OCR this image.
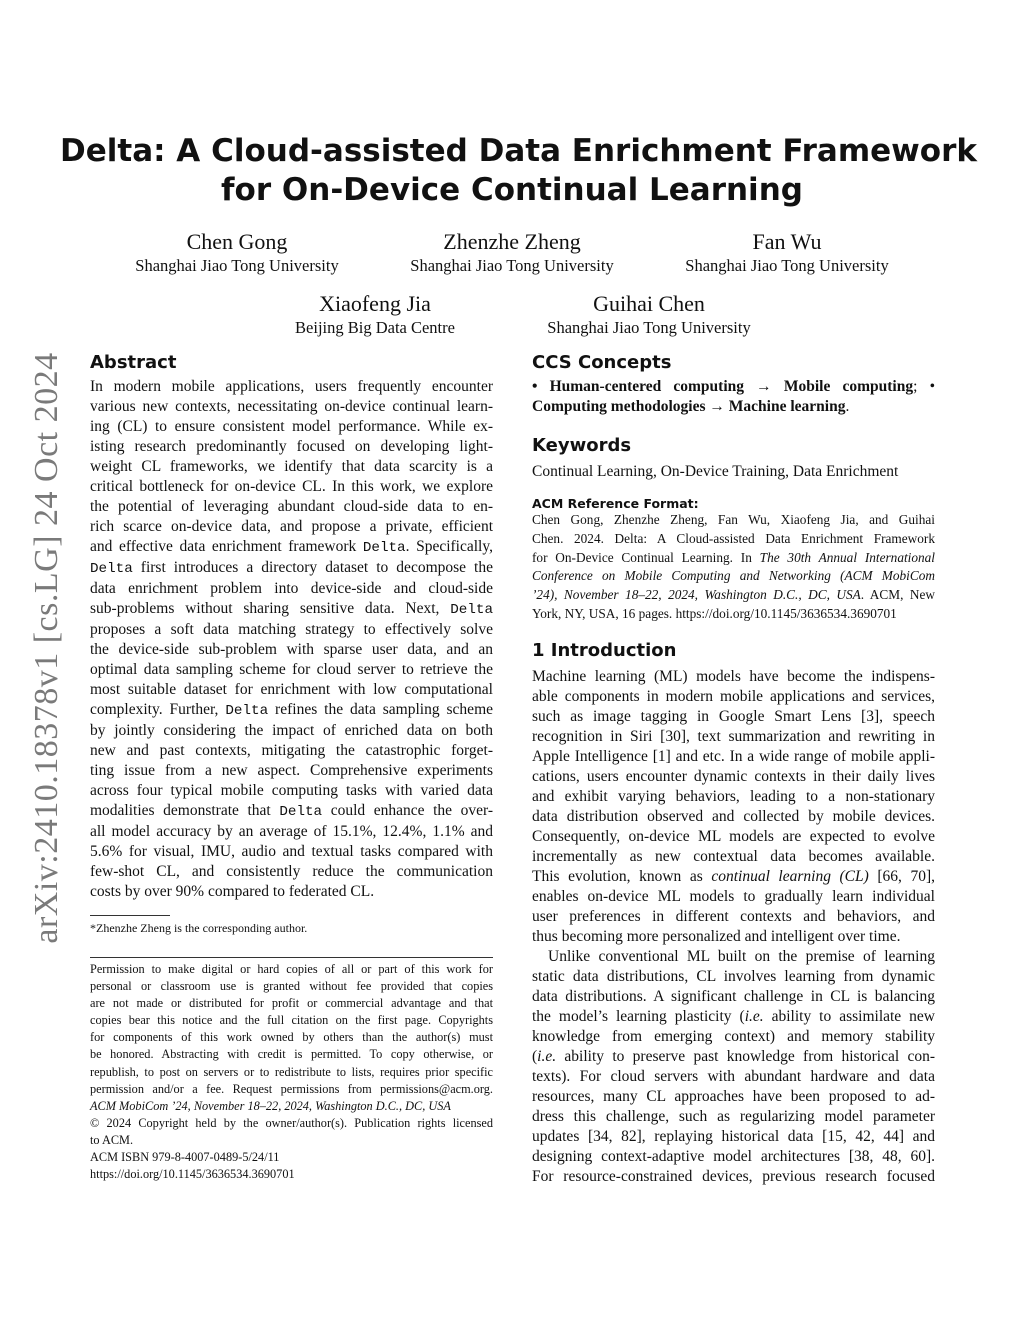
arXiv:2410.18378v1 [cs.LG] 24 Oct 2024
Delta: A Cloud-assisted Data Enrichment Framework
for On-Device Continual Learning
Chen Gong
Shanghai Jiao Tong University
Zhenzhe Zheng
Shanghai Jiao Tong University
Fan Wu
Shanghai Jiao Tong University
Xiaofeng Jia
Beijing Big Data Centre
Guihai Chen
Shanghai Jiao Tong University
Abstract
In modern mobile applications, users frequently encounter
various new contexts, necessitating on-device continual learn-
ing (CL) to ensure consistent model performance. While ex-
isting research predominantly focused on developing light-
weight CL frameworks, we identify that data scarcity is a
critical bottleneck for on-device CL. In this work, we explore
the potential of leveraging abundant cloud-side data to en-
rich scarce on-device data, and propose a private, efficient
and effective data enrichment framework Delta. Specifically,
Delta first introduces a directory dataset to decompose the
data enrichment problem into device-side and cloud-side
sub-problems without sharing sensitive data. Next, Delta
proposes a soft data matching strategy to effectively solve
the device-side sub-problem with sparse user data, and an
optimal data sampling scheme for cloud server to retrieve the
most suitable dataset for enrichment with low computational
complexity. Further, Delta refines the data sampling scheme
by jointly considering the impact of enriched data on both
new and past contexts, mitigating the catastrophic forget-
ting issue from a new aspect. Comprehensive experiments
across four typical mobile computing tasks with varied data
modalities demonstrate that Delta could enhance the over-
all model accuracy by an average of 15.1%, 12.4%, 1.1% and
5.6% for visual, IMU, audio and textual tasks compared with
few-shot CL, and consistently reduce the communication
costs by over 90% compared to federated CL.
*Zhenzhe Zheng is the corresponding author.
Permission to make digital or hard copies of all or part of this work for
personal or classroom use is granted without fee provided that copies
are not made or distributed for profit or commercial advantage and that
copies bear this notice and the full citation on the first page. Copyrights
for components of this work owned by others than the author(s) must
be honored. Abstracting with credit is permitted. To copy otherwise, or
republish, to post on servers or to redistribute to lists, requires prior specific
permission and/or a fee. Request permissions from permissions@acm.org.
ACM MobiCom ’24, November 18–22, 2024, Washington D.C., DC, USA
© 2024 Copyright held by the owner/author(s). Publication rights licensed
to ACM.
ACM ISBN 979-8-4007-0489-5/24/11
https://doi.org/10.1145/3636534.3690701
CCS Concepts
• Human-centered computing → Mobile computing; •
Computing methodologies → Machine learning.
Keywords
Continual Learning, On-Device Training, Data Enrichment
ACM Reference Format:
Chen Gong, Zhenzhe Zheng, Fan Wu, Xiaofeng Jia, and Guihai
Chen. 2024. Delta: A Cloud-assisted Data Enrichment Framework
for On-Device Continual Learning. In The 30th Annual International
Conference on Mobile Computing and Networking (ACM MobiCom
’24), November 18–22, 2024, Washington D.C., DC, USA. ACM, New
York, NY, USA, 16 pages. https://doi.org/10.1145/3636534.3690701
1 Introduction
Machine learning (ML) models have become the indispens-
able components in modern mobile applications and services,
such as image tagging in Google Smart Lens [3], speech
recognition in Siri [30], text summarization and rewriting in
Apple Intelligence [1] and etc. In a wide range of mobile appli-
cations, users encounter dynamic contexts in their daily lives
and exhibit varying behaviors, leading to a non-stationary
data distribution observed and collected by mobile devices.
Consequently, on-device ML models are expected to evolve
incrementally as new contextual data becomes available.
This evolution, known as continual learning (CL) [66, 70],
enables on-device ML models to gradually learn individual
user preferences in different contexts and behaviors, and
thus becoming more personalized and intelligent over time.
Unlike conventional ML built on the premise of learning
static data distributions, CL involves learning from dynamic
data distributions. A significant challenge in CL is balancing
the model’s learning plasticity (i.e. ability to assimilate new
knowledge from emerging context) and memory stability
(i.e. ability to preserve past knowledge from historical con-
texts). For cloud servers with abundant hardware and data
resources, many CL approaches have been proposed to ad-
dress this challenge, such as regularizing model parameter
updates [34, 82], replaying historical data [15, 42, 44] and
designing context-adaptive model architectures [38, 48, 60].
For resource-constrained devices, previous research focused
